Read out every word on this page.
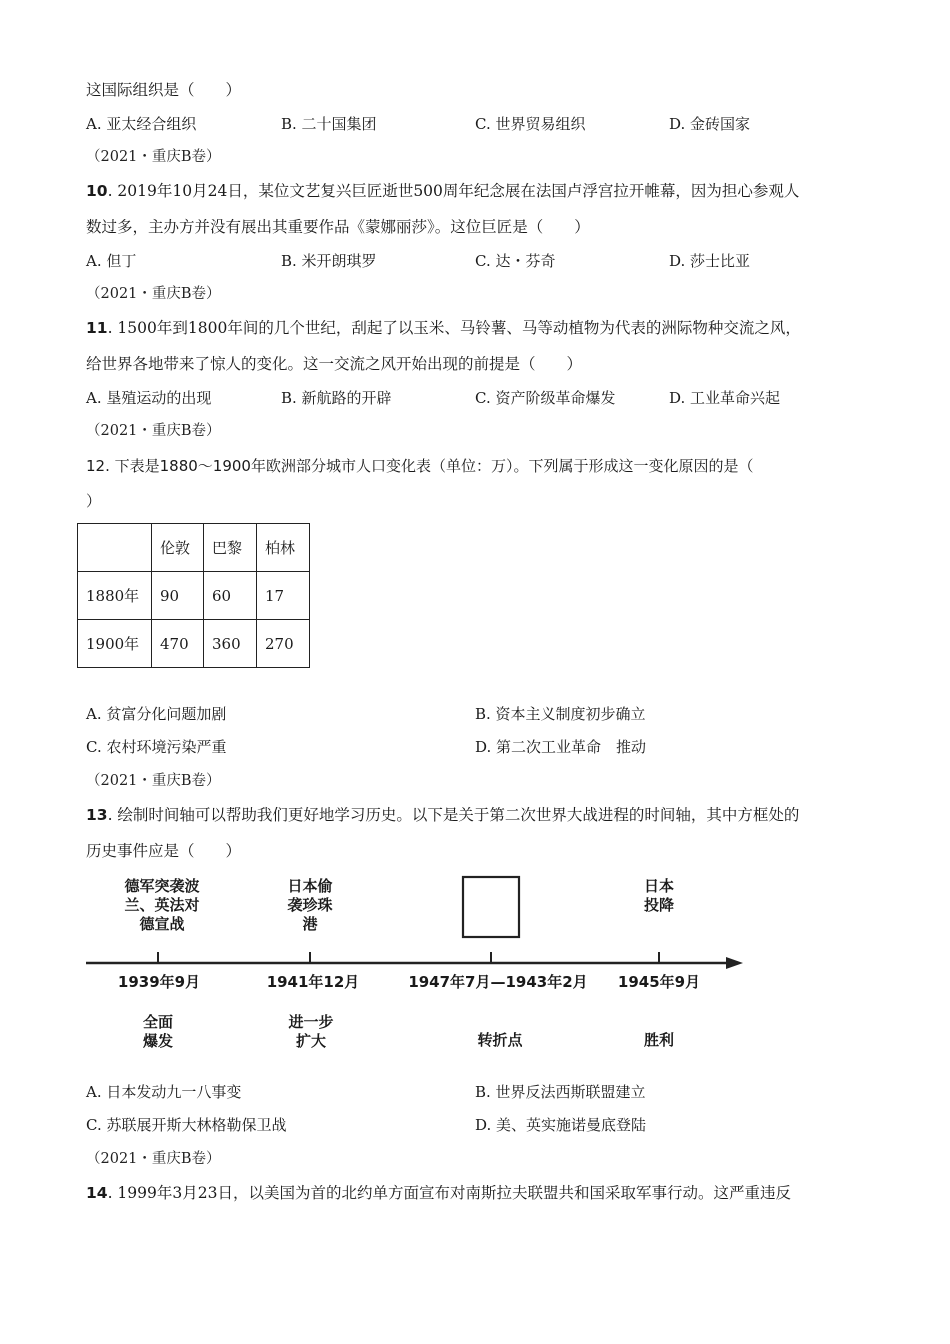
这国际组织是（　　）
A. 亚太经合组织	B. 二十国集团	C. 世界贸易组织	D. 金砖国家
（2021・重庆B卷）
10. 2019年10月24日，某位文艺复兴巨匠逝世500周年纪念展在法国卢浮宫拉开帷幕，因为担心参观人
数过多，主办方并没有展出其重要作品《蒙娜丽莎》。这位巨匠是（　　）
A. 但丁	B. 米开朗琪罗	C. 达・芬奇	D. 莎士比亚
（2021・重庆B卷）
11. 1500年到1800年间的几个世纪，刮起了以玉米、马铃薯、马等动植物为代表的洲际物种交流之风，
给世界各地带来了惊人的变化。这一交流之风开始出现的前提是（　　）
A. 垦殖运动的出现	B. 新航路的开辟	C. 资产阶级革命爆发	D. 工业革命兴起
（2021・重庆B卷）
12. 下表是1880～1900年欧洲部分城市人口变化表（单位：万）。下列属于形成这一变化原因的是（
）
	伦敦	巴黎	柏林
1880年	90	60	17
1900年	470	360	270
A. 贫富分化问题加剧	B. 资本主义制度初步确立
C. 农村环境污染严重	D. 第二次工业革命　推动
（2021・重庆B卷）
13. 绘制时间轴可以帮助我们更好地学习历史。以下是关于第二次世界大战进程的时间轴，其中方框处的
历史事件应是（　　）
德军突袭波
兰、英法对
德宣战
日本偷
袭珍珠
港
日本
投降
1939年9月	1941年12月	1947年7月—1943年2月	1945年9月
全面
爆发
进一步
扩大	转折点	胜利
A. 日本发动九一八事变	B. 世界反法西斯联盟建立
C. 苏联展开斯大林格勒保卫战	D. 美、英实施诺曼底登陆
（2021・重庆B卷）
14. 1999年3月23日，以美国为首的北约单方面宣布对南斯拉夫联盟共和国采取军事行动。这严重违反
